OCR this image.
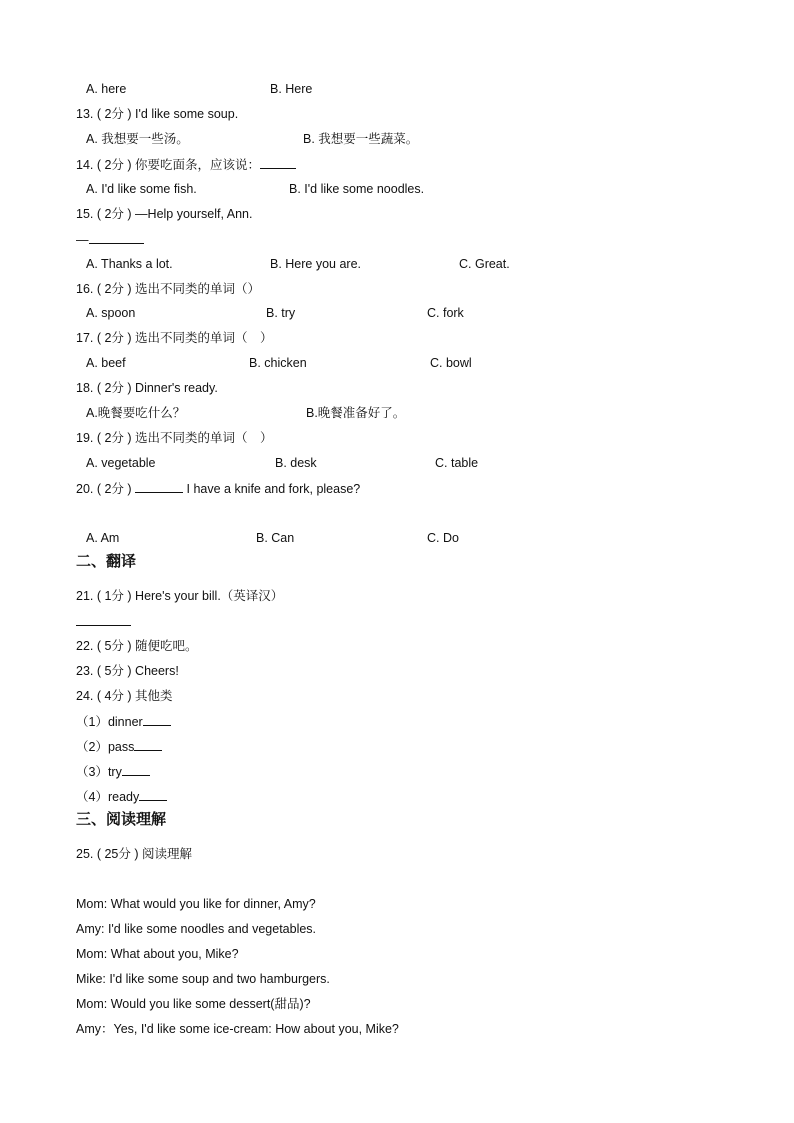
A. here	B. Here
13. ( 2分 ) I'd like some soup.
A. 我想要一些汤。	B. 我想要一些蔬菜。
14. ( 2分 ) 你要吃面条，应该说：
A. I'd like some fish.	B. I'd like some noodles.
15. ( 2分 ) —Help yourself, Ann.
—
A. Thanks a lot.	B. Here you are.	C. Great.
16. ( 2分 ) 选出不同类的单词（）
A. spoon	B. try	C. fork
17. ( 2分 ) 选出不同类的单词（　）
A. beef	B. chicken	C. bowl
18. ( 2分 ) Dinner's ready.
A.晚餐要吃什么？	B.晚餐准备好了。
19. ( 2分 ) 选出不同类的单词（　）
A. vegetable	B. desk	C. table
20. ( 2分 )	I have a knife and fork, please?
A. Am	B. Can	C. Do
二、翻译
21. ( 1分 ) Here's your bill.（英译汉）
22. ( 5分 ) 随便吃吧。
23. ( 5分 ) Cheers!
24. ( 4分 ) 其他类
（1）dinner
（2）pass
（3）try
（4）ready
三、阅读理解
25. ( 25分 ) 阅读理解
Mom: What would you like for dinner, Amy?
Amy: I'd like some noodles and vegetables.
Mom: What about you, Mike?
Mike: I'd like some soup and two hamburgers.
Mom: Would you like some dessert(甜品)?
Amy：Yes, I'd like some ice-cream: How about you, Mike?
